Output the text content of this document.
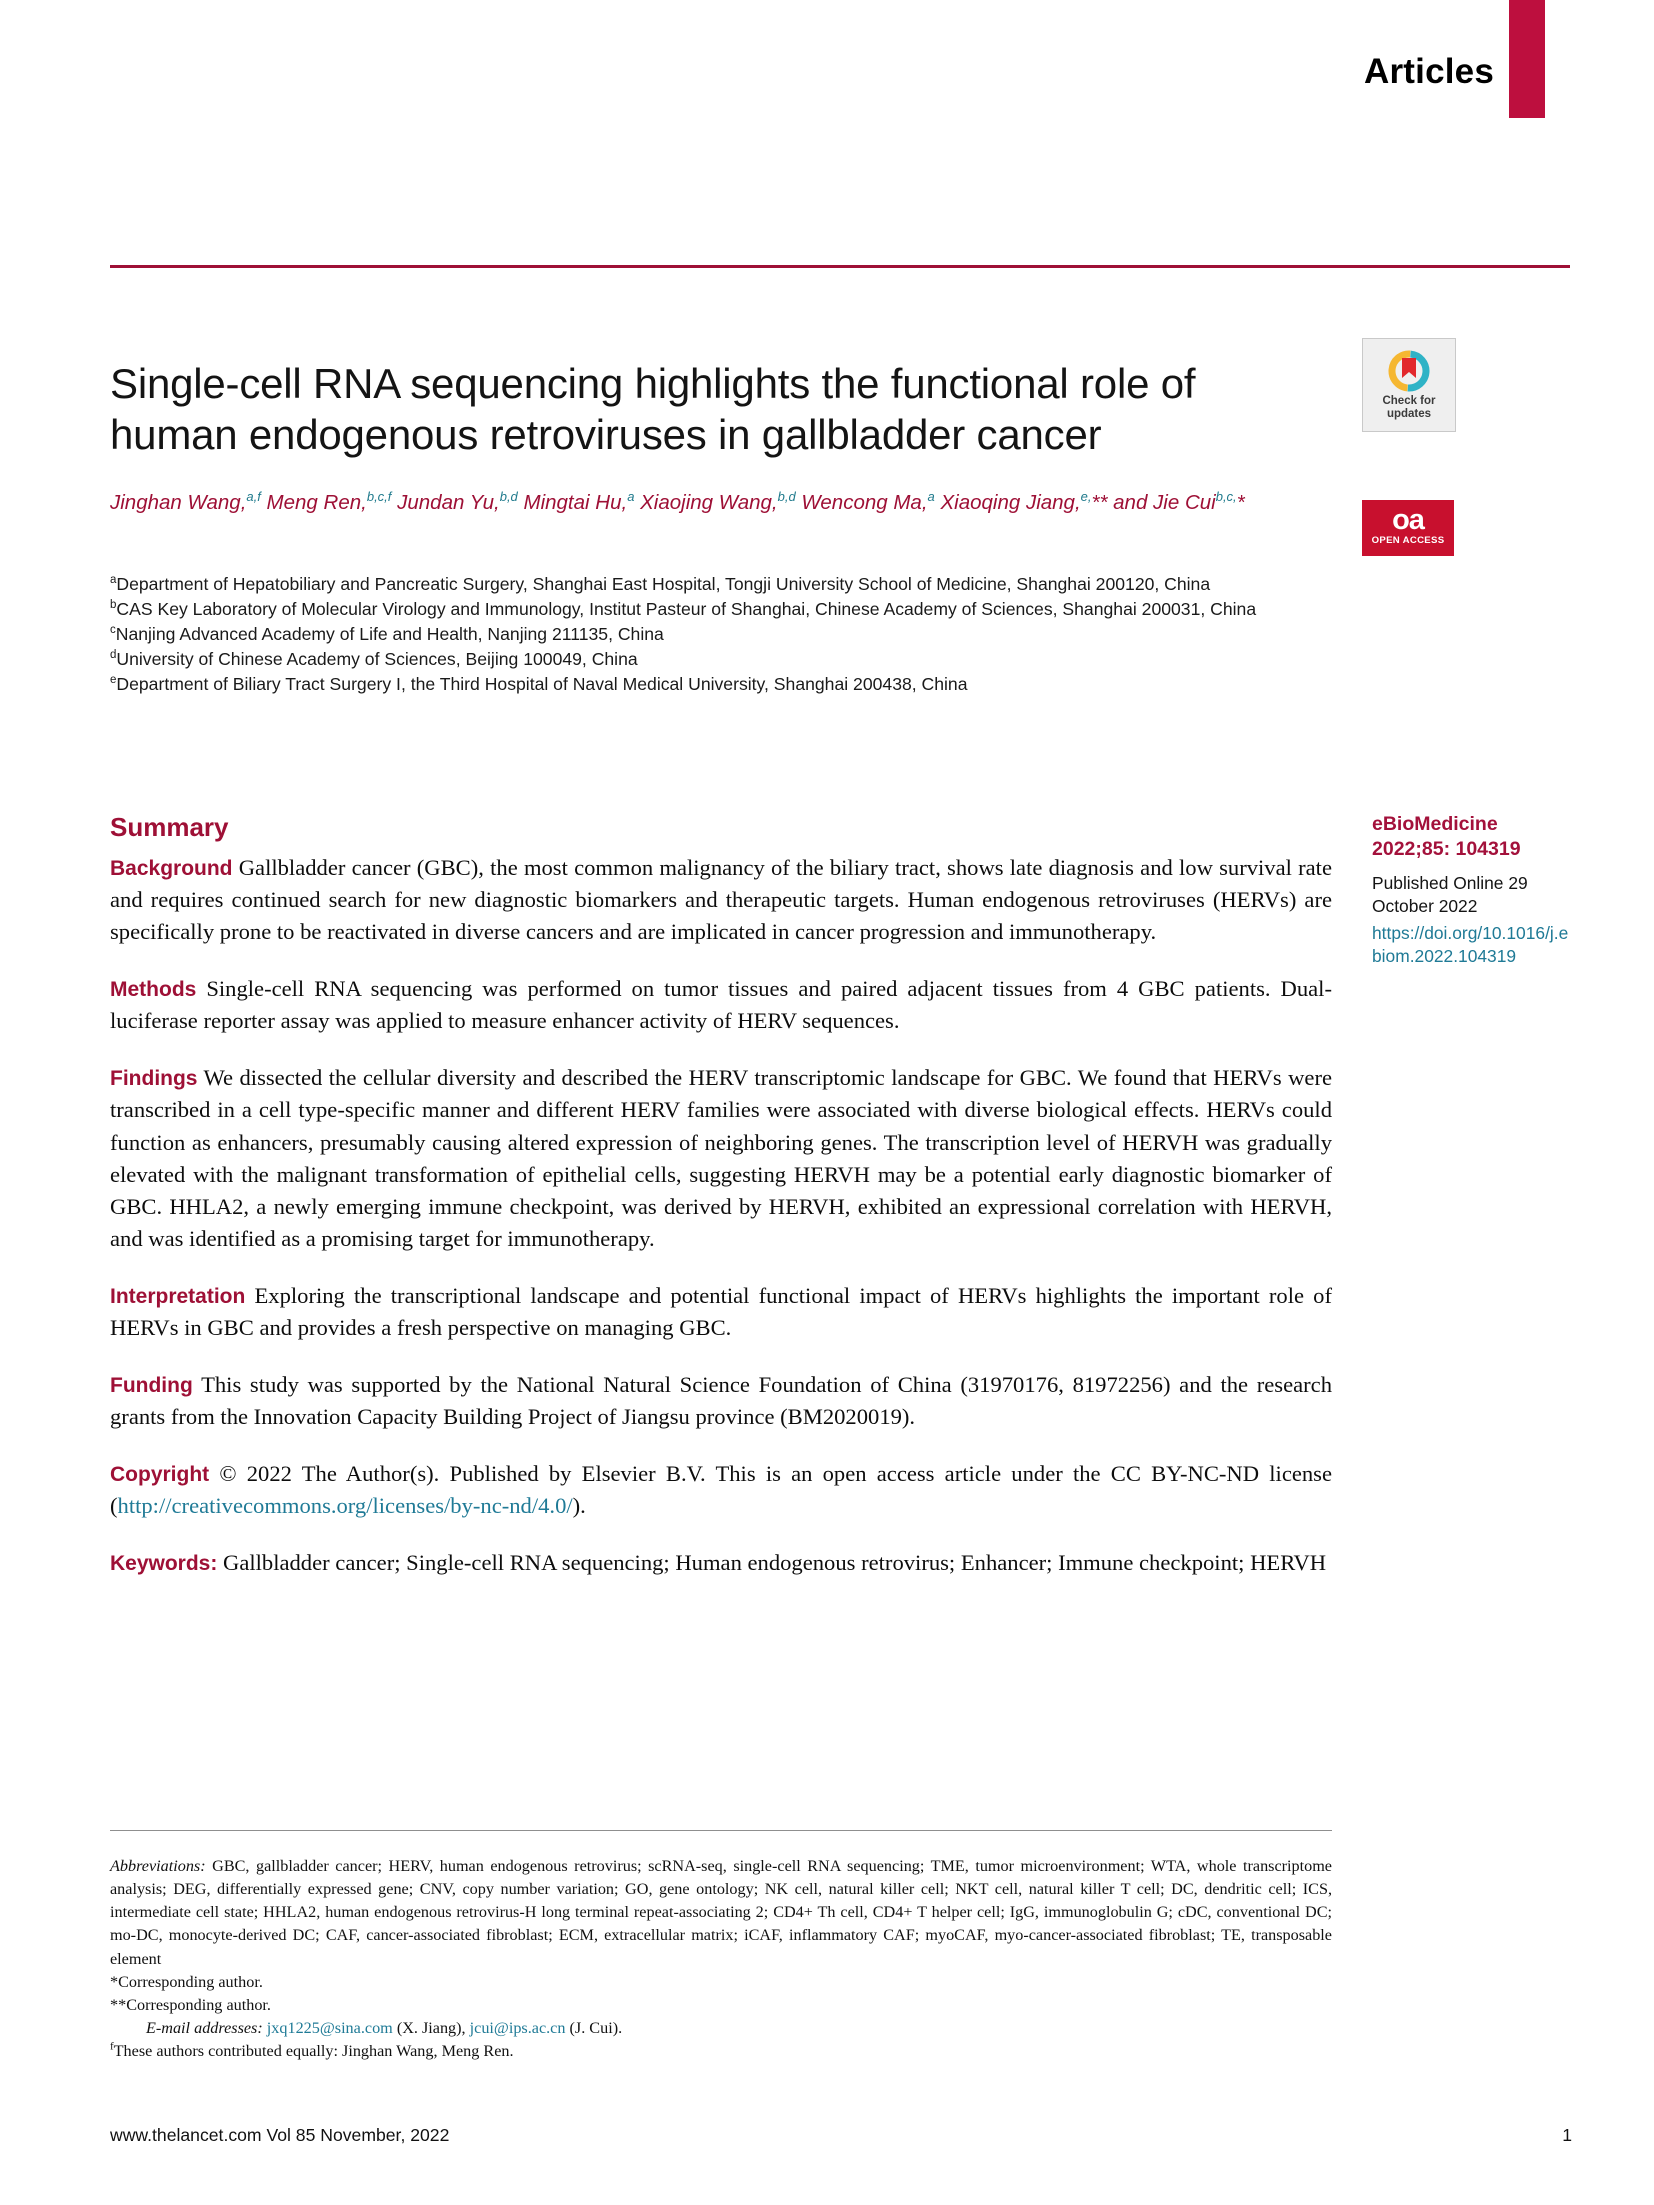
Articles
Single-cell RNA sequencing highlights the functional role of human endogenous retroviruses in gallbladder cancer
Jinghan Wang,$^{a,f}$ Meng Ren,$^{b,c,f}$ Jundan Yu,$^{b,d}$ Mingtai Hu,$^a$ Xiaojing Wang,$^{b,d}$ Wencong Ma,$^a$ Xiaoqing Jiang,$^{e,}$** and Jie Cui$^{b,c,}$*
$^a$Department of Hepatobiliary and Pancreatic Surgery, Shanghai East Hospital, Tongji University School of Medicine, Shanghai 200120, China
$^b$CAS Key Laboratory of Molecular Virology and Immunology, Institut Pasteur of Shanghai, Chinese Academy of Sciences, Shanghai 200031, China
$^c$Nanjing Advanced Academy of Life and Health, Nanjing 211135, China
$^d$University of Chinese Academy of Sciences, Beijing 100049, China
$^e$Department of Biliary Tract Surgery I, the Third Hospital of Naval Medical University, Shanghai 200438, China
Check for
updates
oa
OPEN ACCESS
Summary

Background Gallbladder cancer (GBC), the most common malignancy of the biliary tract, shows late diagnosis and low survival rate and requires continued search for new diagnostic biomarkers and therapeutic targets. Human endogenous retroviruses (HERVs) are specifically prone to be reactivated in diverse cancers and are implicated in cancer progression and immunotherapy.

Methods Single-cell RNA sequencing was performed on tumor tissues and paired adjacent tissues from 4 GBC patients. Dual-luciferase reporter assay was applied to measure enhancer activity of HERV sequences.

Findings We dissected the cellular diversity and described the HERV transcriptomic landscape for GBC. We found that HERVs were transcribed in a cell type-specific manner and different HERV families were associated with diverse biological effects. HERVs could function as enhancers, presumably causing altered expression of neighboring genes. The transcription level of HERVH was gradually elevated with the malignant transformation of epithelial cells, suggesting HERVH may be a potential early diagnostic biomarker of GBC. HHLA2, a newly emerging immune checkpoint, was derived by HERVH, exhibited an expressional correlation with HERVH, and was identified as a promising target for immunotherapy.

Interpretation Exploring the transcriptional landscape and potential functional impact of HERVs highlights the important role of HERVs in GBC and provides a fresh perspective on managing GBC.

Funding This study was supported by the National Natural Science Foundation of China (31970176, 81972256) and the research grants from the Innovation Capacity Building Project of Jiangsu province (BM2020019).

Copyright © 2022 The Author(s). Published by Elsevier B.V. This is an open access article under the CC BY-NC-ND license (http://creativecommons.org/licenses/by-nc-nd/4.0/).

Keywords: Gallbladder cancer; Single-cell RNA sequencing; Human endogenous retrovirus; Enhancer; Immune checkpoint; HERVH

eBioMedicine 2022;85: 104319
Published Online 29 October 2022
https://doi.org/10.1016/j.ebiom.2022.104319
Abbreviations: GBC, gallbladder cancer; HERV, human endogenous retrovirus; scRNA-seq, single-cell RNA sequencing; TME, tumor microenvironment; WTA, whole transcriptome analysis; DEG, differentially expressed gene; CNV, copy number variation; GO, gene ontology; NK cell, natural killer cell; NKT cell, natural killer T cell; DC, dendritic cell; ICS, intermediate cell state; HHLA2, human endogenous retrovirus-H long terminal repeat-associating 2; CD4+ Th cell, CD4+ T helper cell; IgG, immunoglobulin G; cDC, conventional DC; mo-DC, monocyte-derived DC; CAF, cancer-associated fibroblast; ECM, extracellular matrix; iCAF, inflammatory CAF; myoCAF, myo-cancer-associated fibroblast; TE, transposable element
*Corresponding author.
**Corresponding author.
E-mail addresses: jxq1225@sina.com (X. Jiang), jcui@ips.ac.cn (J. Cui).
$^f$These authors contributed equally: Jinghan Wang, Meng Ren.
www.thelancet.com Vol 85 November, 2022	1
